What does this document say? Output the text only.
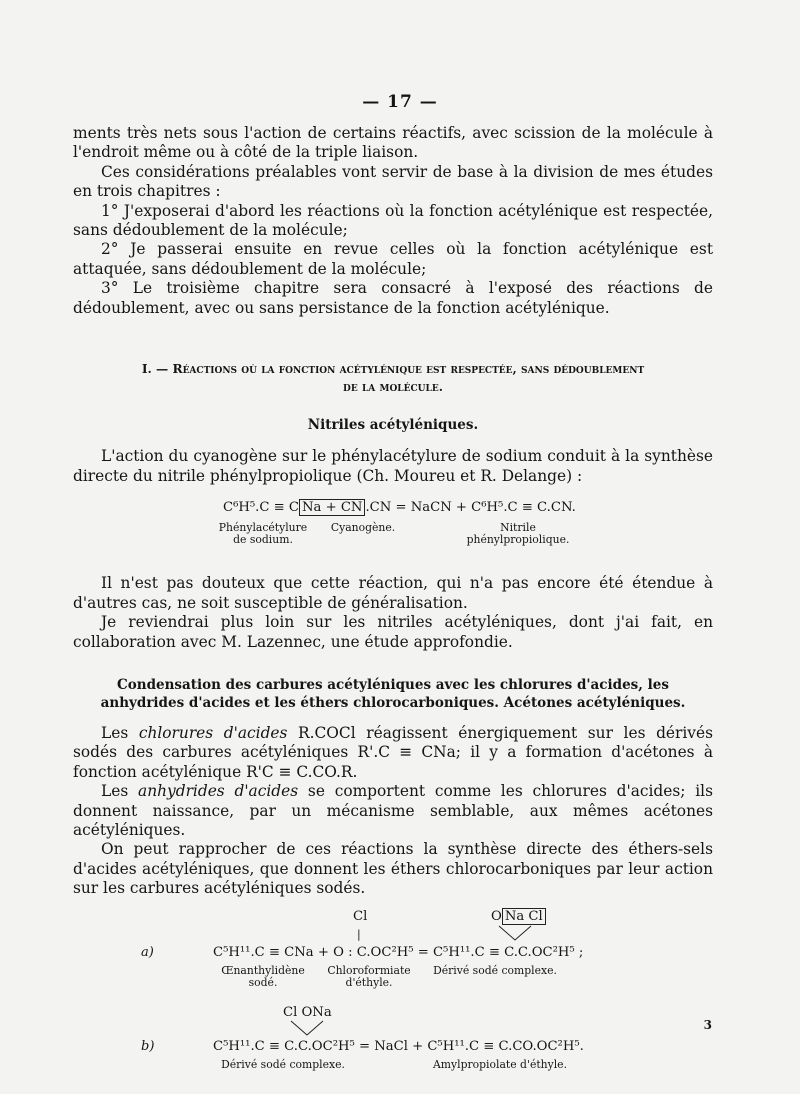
— 17 —

ments très nets sous l'action de certains réactifs, avec scission de la molécule à l'endroit même ou à côté de la triple liaison.

Ces considérations préalables vont servir de base à la division de mes études en trois chapitres :

1° J'exposerai d'abord les réactions où la fonction acétylénique est respectée, sans dédoublement de la molécule;

2° Je passerai ensuite en revue celles où la fonction acétylénique est attaquée, sans dédoublement de la molécule;

3° Le troisième chapitre sera consacré à l'exposé des réactions de dédoublement, avec ou sans persistance de la fonction acétylénique.

I. — Réactions où la fonction acétylénique est respectée, sans dédoublement
de la molécule.
Nitriles acétyléniques.

L'action du cyanogène sur le phénylacétylure de sodium conduit à la synthèse directe du nitrile phénylpropiolique (Ch. Moureu et R. Delange) :

C⁶H⁵.C ≡ C Na + CN .CN = NaCN + C⁶H⁵.C ≡ C.CN.
Phénylacétylure
de sodium.
Cyanogène.	Nitrile
phénylpropiolique.

Il n'est pas douteux que cette réaction, qui n'a pas encore été étendue à d'autres cas, ne soit susceptible de généralisation.

Je reviendrai plus loin sur les nitriles acétyléniques, dont j'ai fait, en collaboration avec M. Lazennec, une étude approfondie.

Condensation des carbures acétyléniques avec les chlorures d'acides, les anhydrides d'acides et les éthers chlorocarboniques. Acétones acétyléniques.

Les chlorures d'acides R.COCl réagissent énergiquement sur les dérivés sodés des carbures acétyléniques R'.C ≡ CNa; il y a formation d'acétones à fonction acétylénique R'C ≡ C.CO.R.

Les anhydrides d'acides se comportent comme les chlorures d'acides; ils donnent naissance, par un mécanisme semblable, aux mêmes acétones acétyléniques.

On peut rapprocher de ces réactions la synthèse directe des éthers-sels d'acides acétyléniques, que donnent les éthers chlorocarboniques par leur action sur les carbures acétyléniques sodés.

a)
Cl
|
O Na Cl
C⁵H¹¹.C ≡ CNa + O : C.OC²H⁵ = C⁵H¹¹.C ≡ C.C.OC²H⁵ ;
Œnanthylidène
sodé.
Chloroformiate
d'éthyle.
Dérivé sodé complexe.
Cl ONa
b)	C⁵H¹¹.C ≡ C.C.OC²H⁵ = NaCl + C⁵H¹¹.C ≡ C.CO.OC²H⁵.
Dérivé sodé complexe.	Amylpropiolate d'éthyle.
3
